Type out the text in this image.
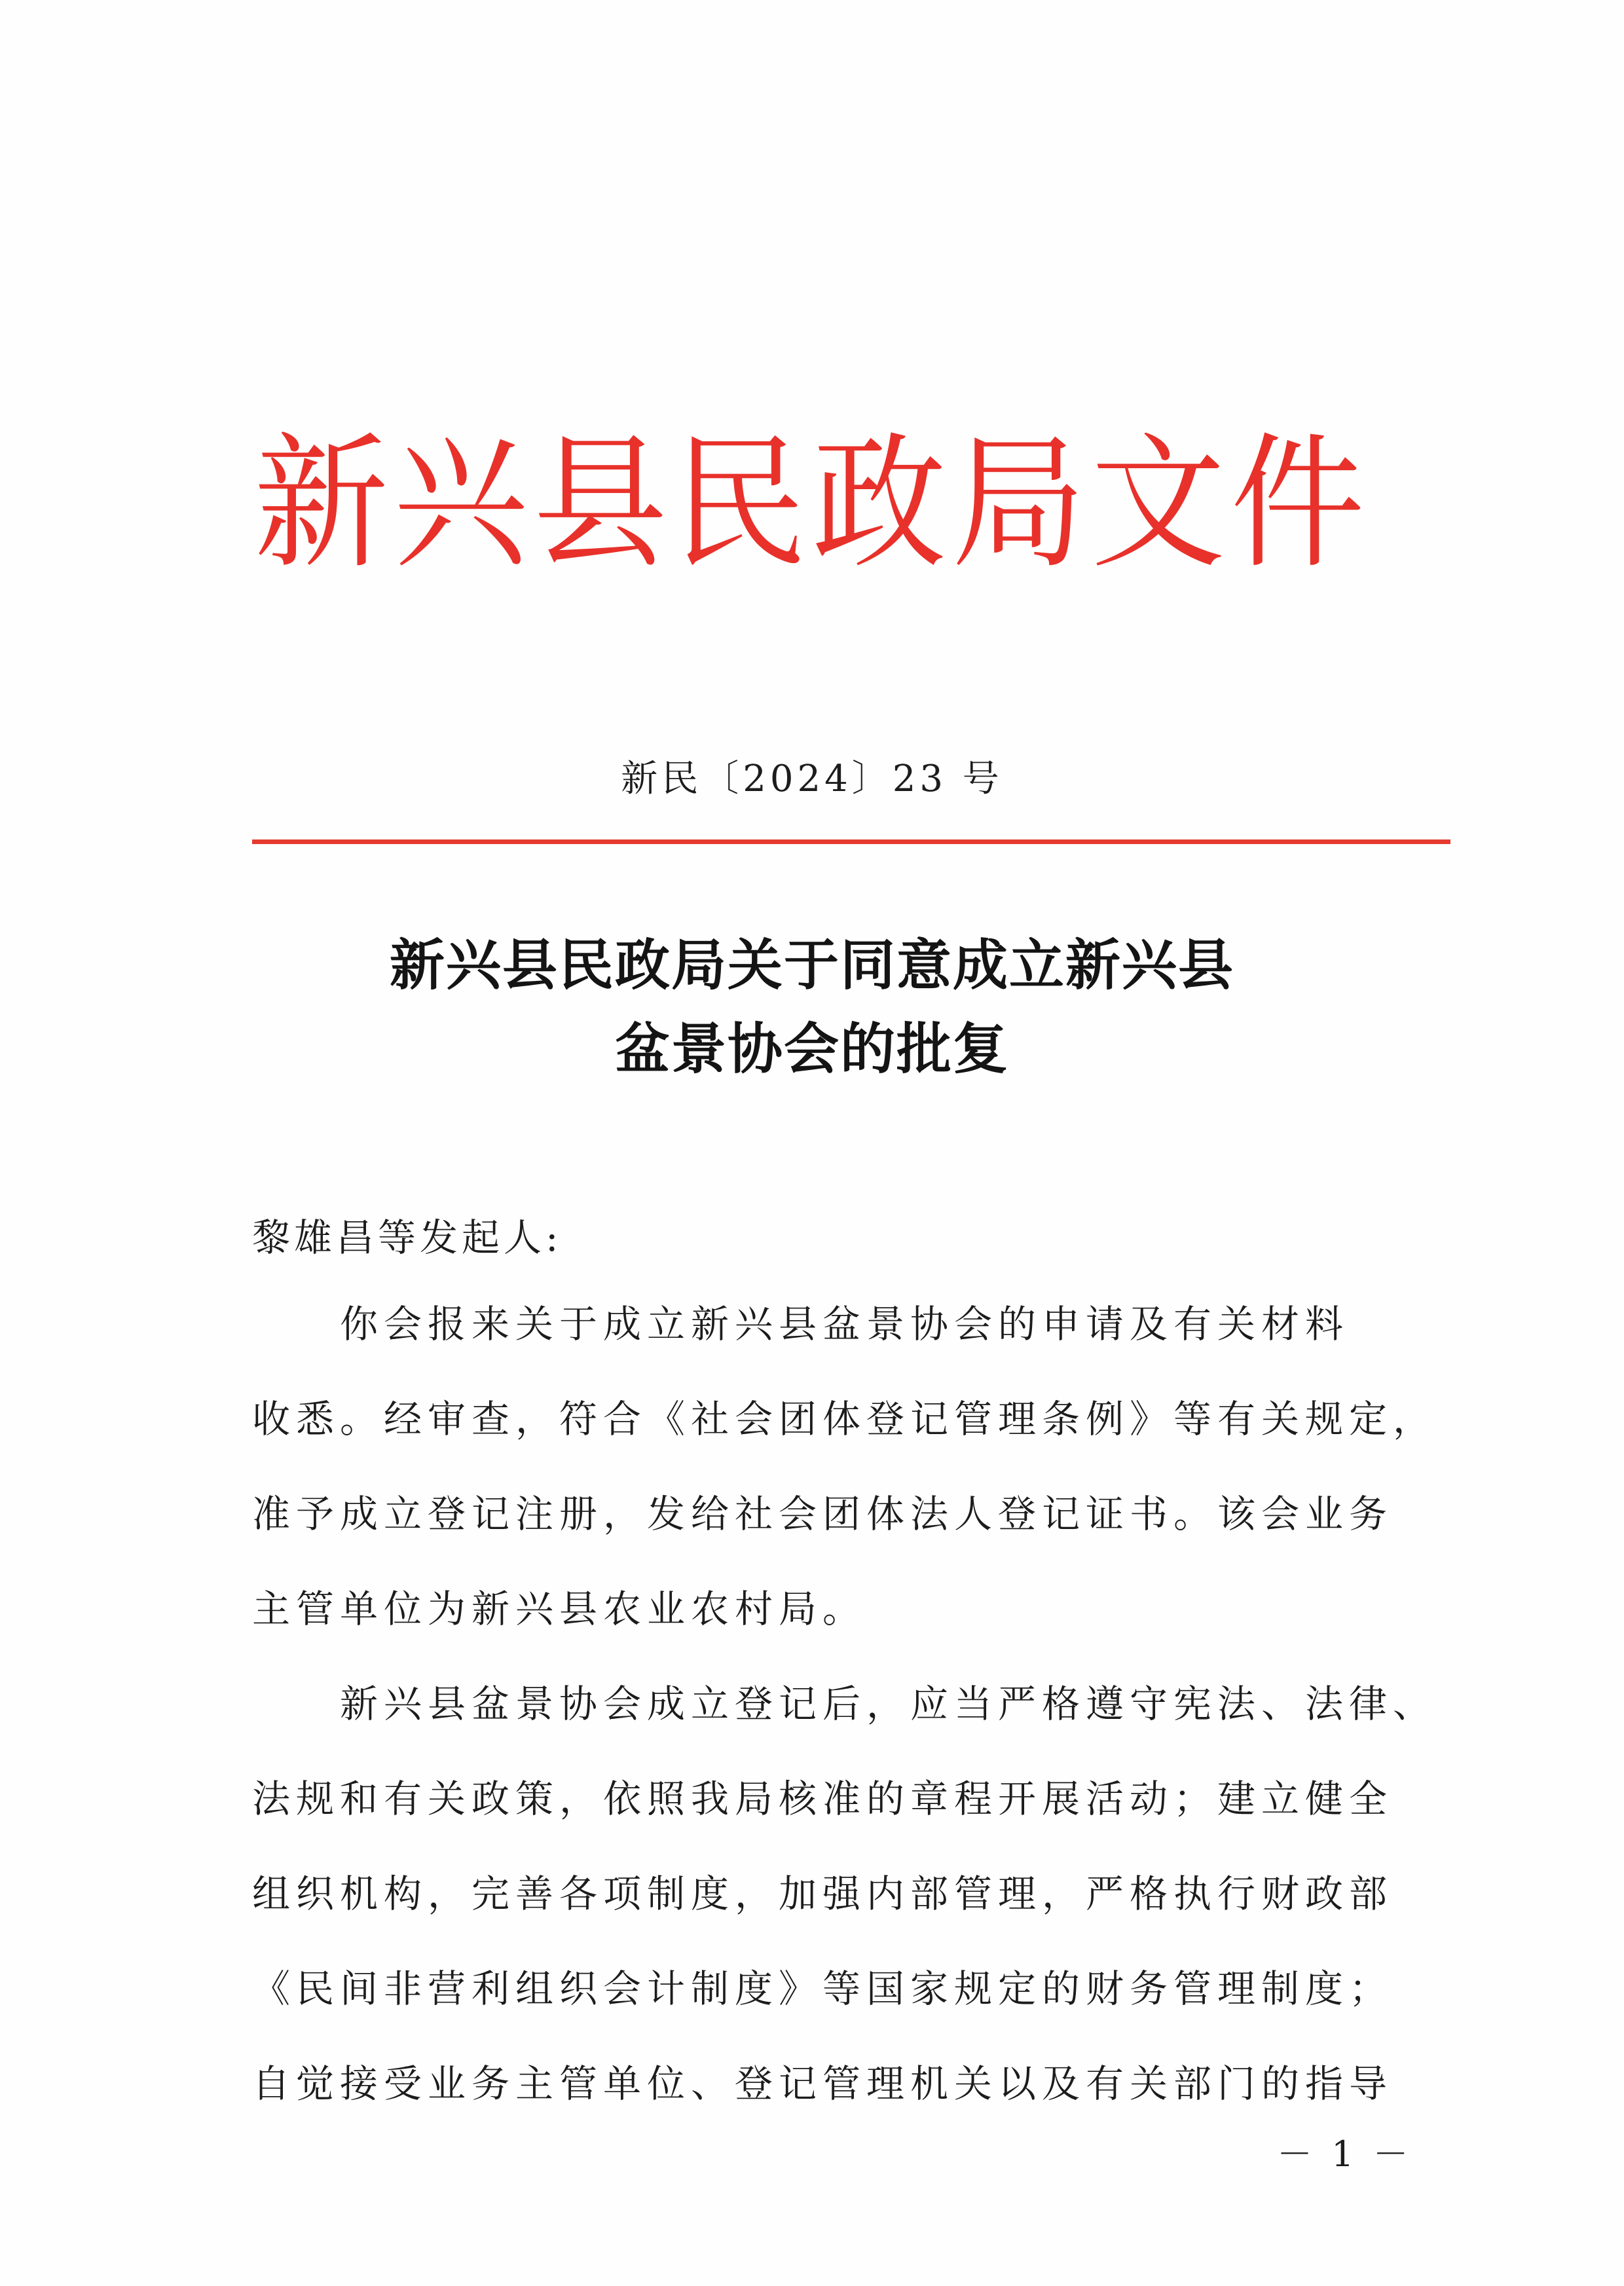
新兴县民政局文件
新民〔2024〕23 号
新兴县民政局关于同意成立新兴县
盆景协会的批复
黎雄昌等发起人:
　　你会报来关于成立新兴县盆景协会的申请及有关材料
收悉。经审查，符合《社会团体登记管理条例》等有关规定，
准予成立登记注册，发给社会团体法人登记证书。该会业务
主管单位为新兴县农业农村局。
　　新兴县盆景协会成立登记后，应当严格遵守宪法、法律、
法规和有关政策，依照我局核准的章程开展活动；建立健全
组织机构，完善各项制度，加强内部管理，严格执行财政部
《民间非营利组织会计制度》等国家规定的财务管理制度；
自觉接受业务主管单位、登记管理机关以及有关部门的指导
－ 1 －
